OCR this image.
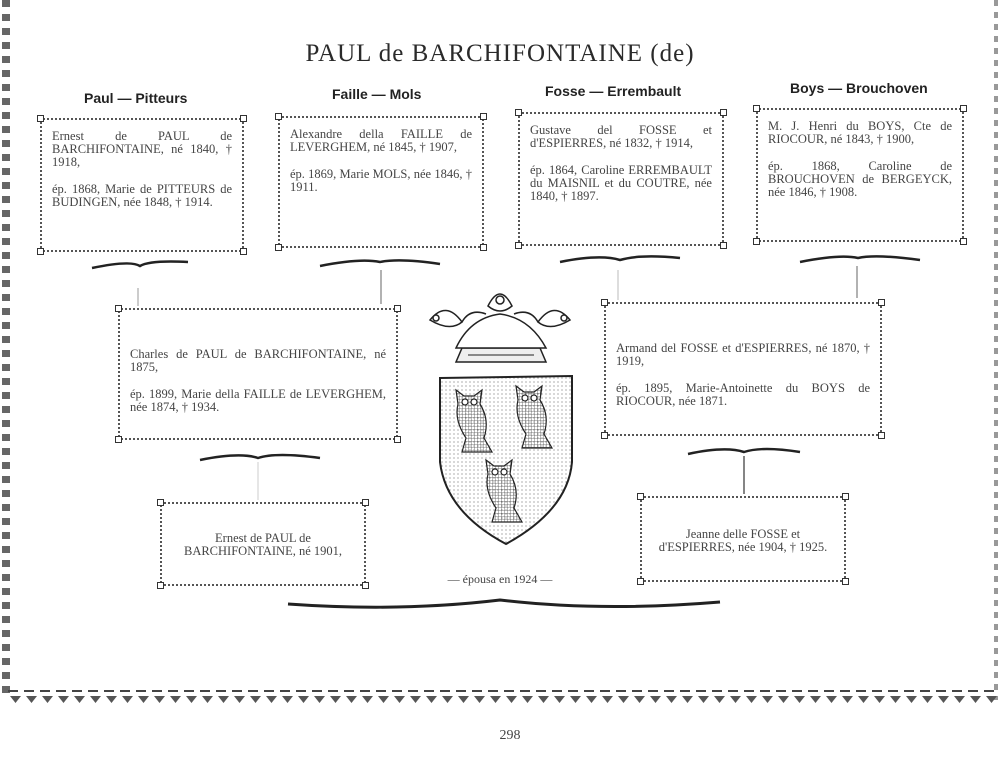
PAUL de BARCHIFONTAINE (de)
Paul — Pitteurs	Faille — Mols	Fosse — Errembault	Boys — Brouchoven

Ernest de PAUL de BARCHIFONTAINE, né 1840, † 1918,

ép. 1868, Marie de PITTEURS de BUDINGEN, née 1848, † 1914.

Alexandre della FAILLE de LEVERGHEM, né 1845, † 1907,

ép. 1869, Marie MOLS, née 1846, † 1911.

Gustave del FOSSE et d'ESPIERRES, né 1832, † 1914,

ép. 1864, Caroline ERREMBAULT du MAISNIL et du COUTRE, née 1840, † 1897.

M. J. Henri du BOYS, Cte de RIOCOUR, né 1843, † 1900,

ép. 1868, Caroline de BROUCHOVEN de BERGEYCK, née 1846, † 1908.

Charles de PAUL de BARCHIFONTAINE, né 1875,

ép. 1899, Marie della FAILLE de LEVERGHEM, née 1874, † 1934.

Armand del FOSSE et d'ESPIERRES, né 1870, † 1919,

ép. 1895, Marie-Antoinette du BOYS de RIOCOUR, née 1871.

Ernest de PAUL de BARCHIFONTAINE, né 1901,

Jeanne delle FOSSE et d'ESPIERRES, née 1904, † 1925.

— épousa en 1924 —
298
